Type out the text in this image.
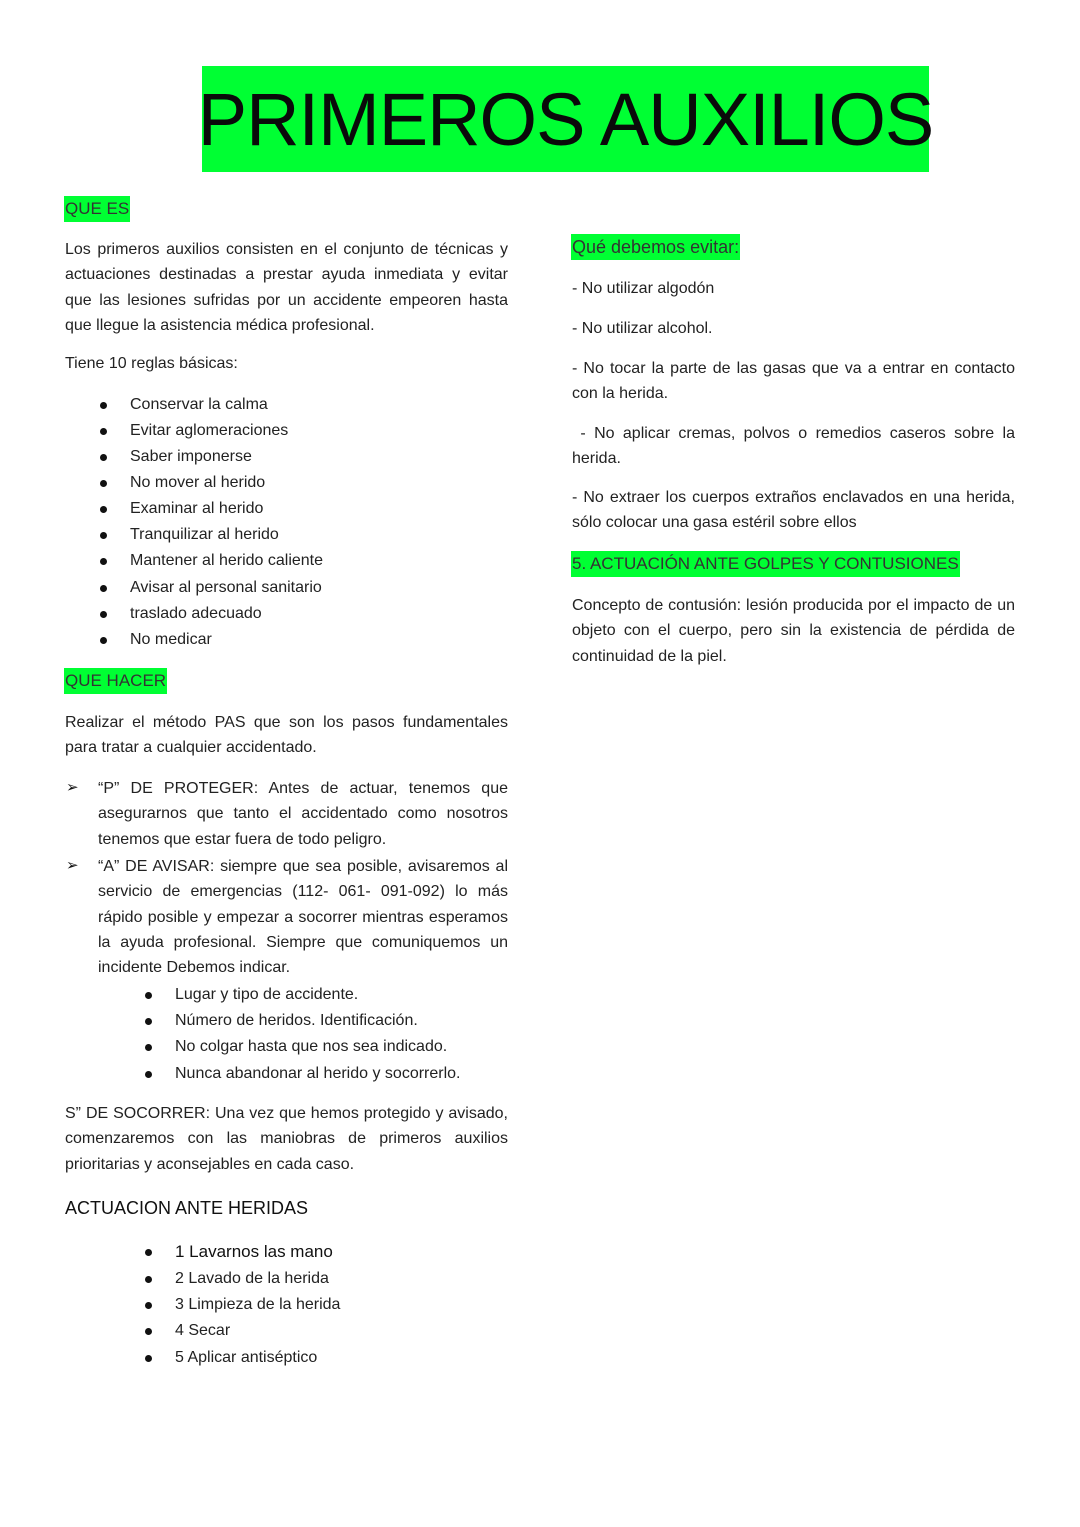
PRIMEROS AUXILIOS
QUE ES

Los primeros auxilios consisten en el conjunto de técnicas y actuaciones destinadas a prestar ayuda inmediata y evitar que las lesiones sufridas por un accidente empeoren hasta que llegue la asistencia médica profesional.

Tiene 10 reglas básicas:
Conservar la calma
Evitar aglomeraciones
Saber imponerse
No mover al herido
Examinar al herido
Tranquilizar al herido
Mantener al herido caliente
Avisar al personal sanitario
traslado adecuado
No medicar
QUE HACER

Realizar el método PAS que son los pasos fundamentales para tratar a cualquier accidentado.

➢ “P” DE PROTEGER: Antes de actuar, tenemos que asegurarnos que tanto el accidentado como nosotros tenemos que estar fuera de todo peligro.

➢ “A” DE AVISAR: siempre que sea posible, avisaremos al servicio de emergencias (112- 061- 091-092) lo más rápido posible y empezar a socorrer mientras esperamos la ayuda profesional. Siempre que comuniquemos un incidente Debemos indicar.

Lugar y tipo de accidente.
Número de heridos. Identificación.
No colgar hasta que nos sea indicado.
Nunca abandonar al herido y socorrerlo.

S” DE SOCORRER: Una vez que hemos protegido y avisado, comenzaremos con las maniobras de primeros auxilios prioritarias y aconsejables en cada caso.

ACTUACION ANTE HERIDAS
1 Lavarnos las mano
2 Lavado de la herida
3 Limpieza de la herida
4 Secar
5 Aplicar antiséptico
Qué debemos evitar:

- No utilizar algodón

- No utilizar alcohol.

- No tocar la parte de las gasas que va a entrar en contacto con la herida.

- No aplicar cremas, polvos o remedios caseros sobre la herida.

- No extraer los cuerpos extraños enclavados en una herida, sólo colocar una gasa estéril sobre ellos

5. ACTUACIÓN ANTE GOLPES Y CONTUSIONES

Concepto de contusión: lesión producida por el impacto de un objeto con el cuerpo, pero sin la existencia de pérdida de continuidad de la piel.
